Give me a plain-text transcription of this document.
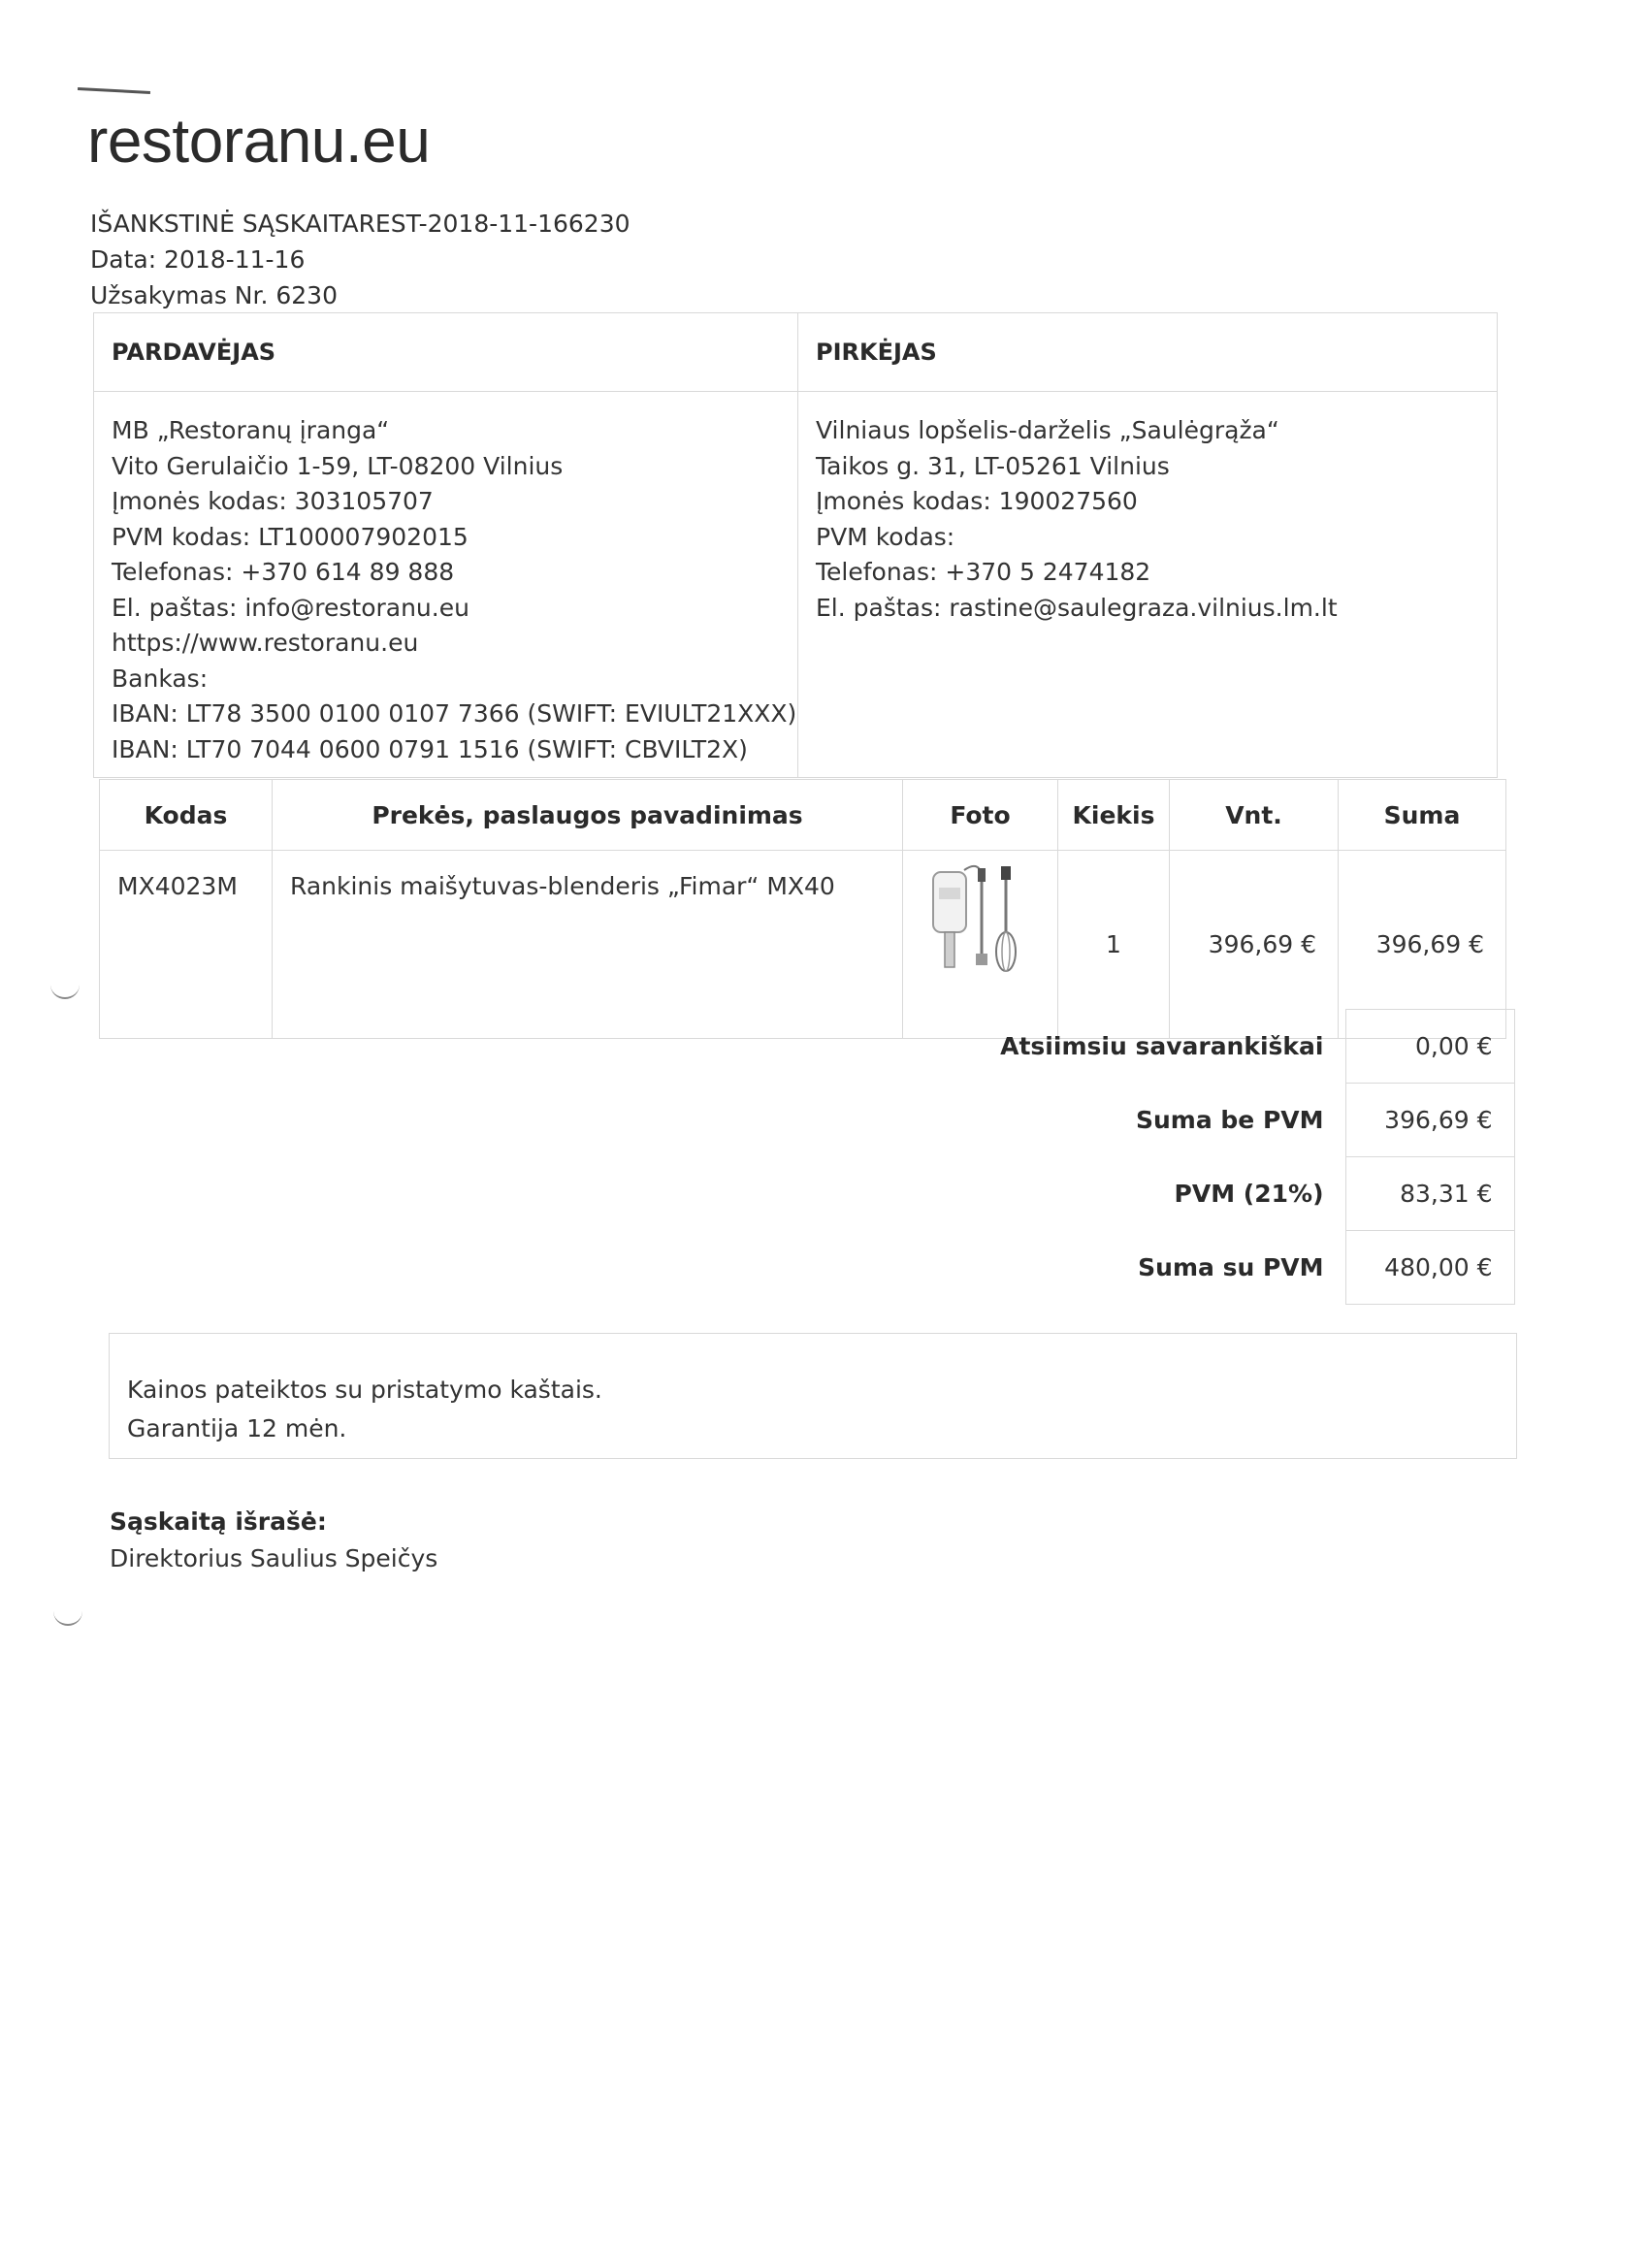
restoranu.eu
IŠANKSTINĖ SĄSKAITAREST-2018-11-166230
Data: 2018-11-16
Užsakymas Nr. 6230
PARDAVĖJAS
MB „Restoranų įranga“
Vito Gerulaičio 1-59, LT-08200 Vilnius
Įmonės kodas: 303105707
PVM kodas: LT100007902015
Telefonas: +370 614 89 888
El. paštas: info@restoranu.eu
https://www.restoranu.eu
Bankas:
IBAN: LT78 3500 0100 0107 7366 (SWIFT: EVIULT21XXX)
IBAN: LT70 7044 0600 0791 1516 (SWIFT: CBVILT2X)
PIRKĖJAS
Vilniaus lopšelis-darželis „Saulėgrąža“
Taikos g. 31, LT-05261 Vilnius
Įmonės kodas: 190027560
PVM kodas:
Telefonas: +370 5 2474182
El. paštas: rastine@saulegraza.vilnius.lm.lt
Kodas	Prekės, paslaugos pavadinimas	Foto	Kiekis	Vnt.	Suma
MX4023M	Rankinis maišytuvas-blenderis „Fimar“ MX40		1	396,69 €	396,69 €
Atsiimsiu savarankiškai	0,00 €
Suma be PVM	396,69 €
PVM (21%)	83,31 €
Suma su PVM	480,00 €
Kainos pateiktos su pristatymo kaštais.
Garantija 12 mėn.
Sąskaitą išrašė:
Direktorius Saulius Speičys
